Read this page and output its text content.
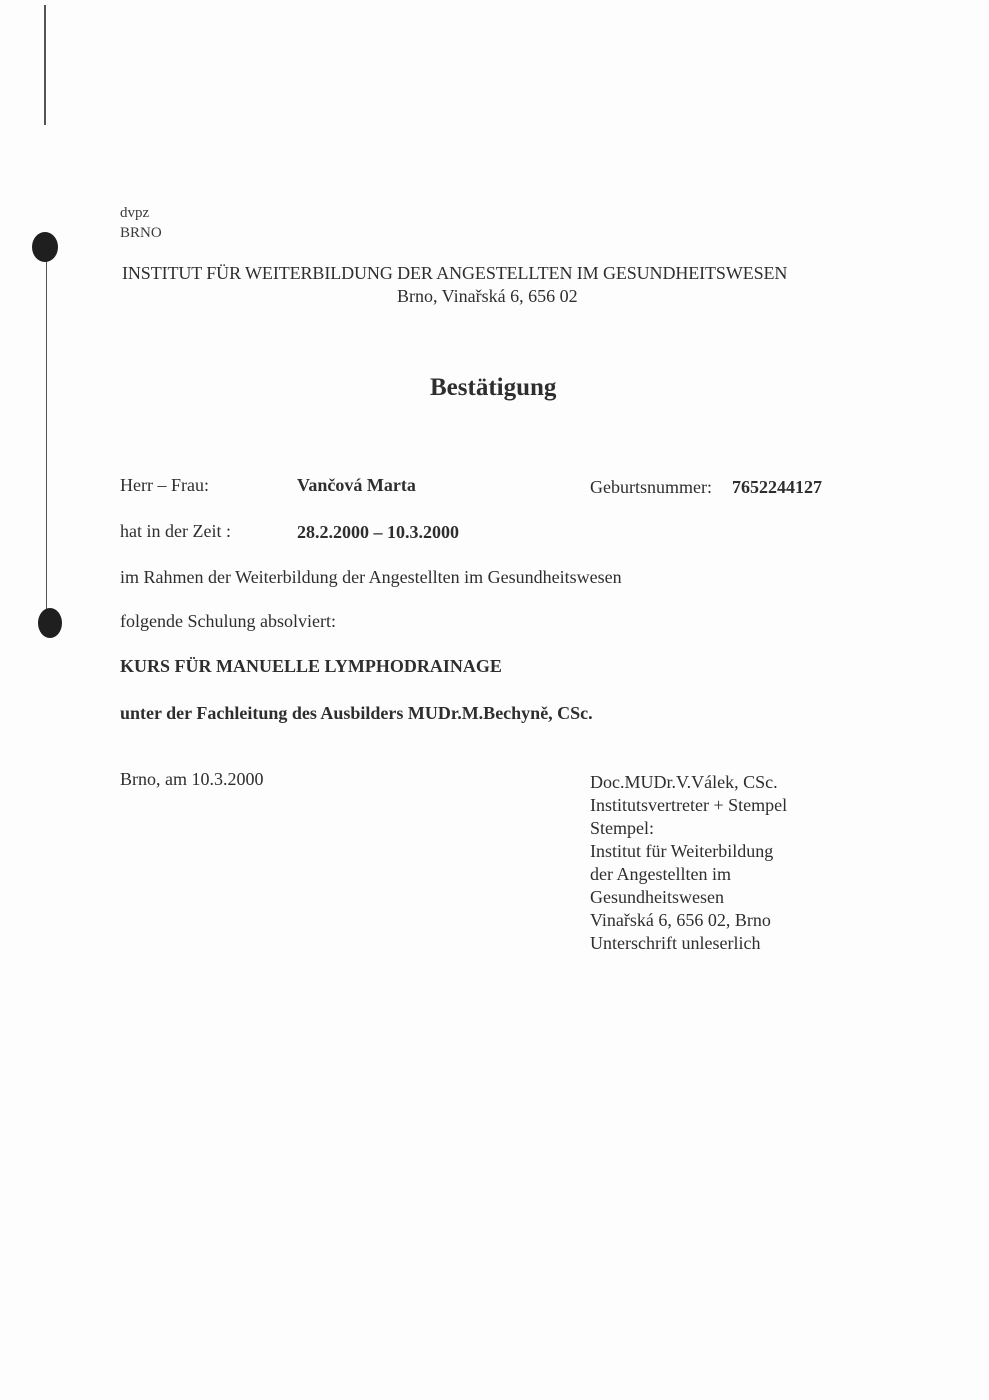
dvpz
BRNO
INSTITUT FÜR WEITERBILDUNG DER ANGESTELLTEN IM GESUNDHEITSWESEN
Brno, Vinařská 6, 656 02
Bestätigung
Herr – Frau:	Vančová Marta	Geburtsnummer: 7652244127
hat in der Zeit :	28.2.2000 – 10.3.2000
im Rahmen der Weiterbildung der Angestellten im Gesundheitswesen
folgende Schulung absolviert:
KURS FÜR MANUELLE LYMPHODRAINAGE
unter der Fachleitung des Ausbilders MUDr.M.Bechyně, CSc.
Brno, am 10.3.2000	Doc.MUDr.V.Válek, CSc.
Institutsvertreter + Stempel
Stempel:
Institut für Weiterbildung
der Angestellten im
Gesundheitswesen
Vinařská 6, 656 02, Brno
Unterschrift unleserlich
